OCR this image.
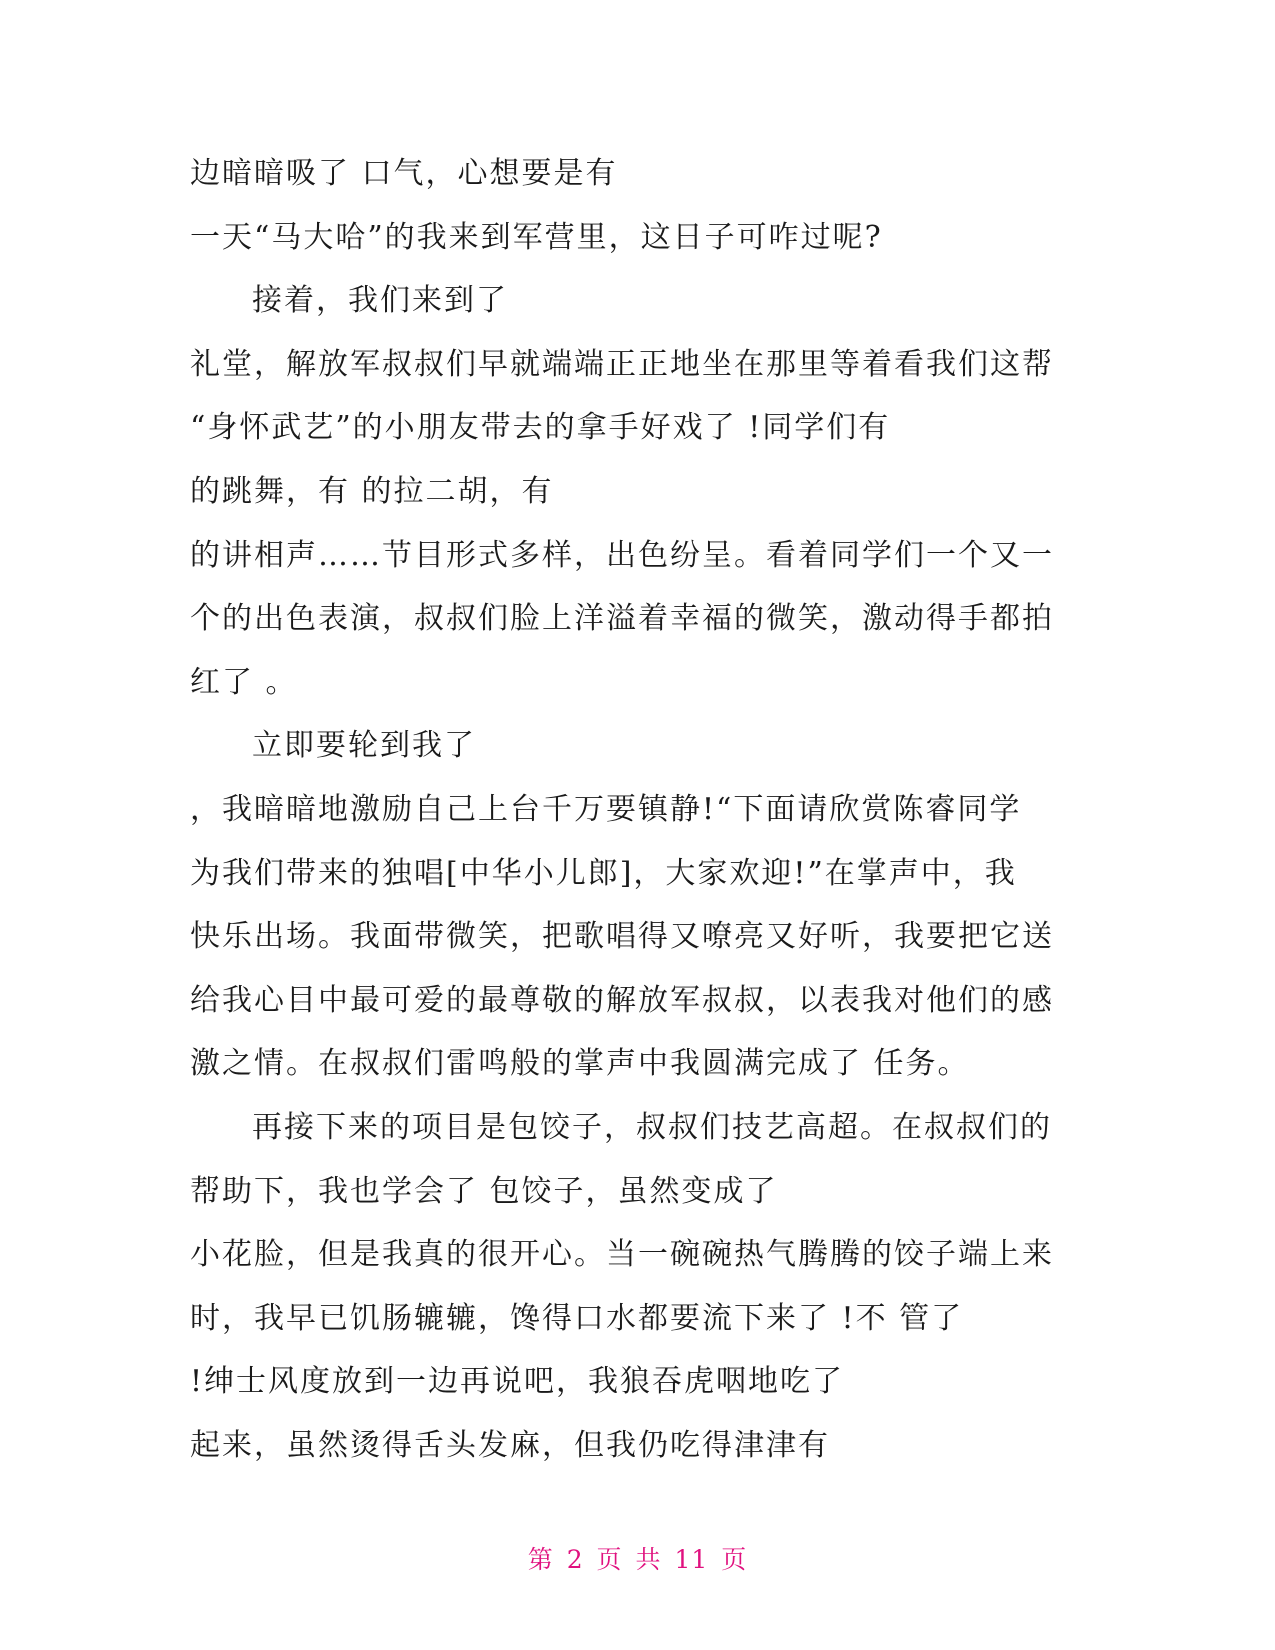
边暗暗吸了 口气，心想要是有
一天“马大哈”的我来到军营里，这日子可咋过呢?
接着，我们来到了
礼堂，解放军叔叔们早就端端正正地坐在那里等着看我们这帮
“身怀武艺”的小朋友带去的拿手好戏了 !同学们有
的跳舞，有 的拉二胡，有
的讲相声……节目形式多样，出色纷呈。看着同学们一个又一
个的出色表演，叔叔们脸上洋溢着幸福的微笑，激动得手都拍
红了 。
立即要轮到我了
，我暗暗地激励自己上台千万要镇静!“下面请欣赏陈睿同学
为我们带来的独唱[中华小儿郎]，大家欢迎!”在掌声中，我
快乐出场。我面带微笑，把歌唱得又嘹亮又好听，我要把它送
给我心目中最可爱的最尊敬的解放军叔叔，以表我对他们的感
激之情。在叔叔们雷鸣般的掌声中我圆满完成了 任务。
再接下来的项目是包饺子，叔叔们技艺高超。在叔叔们的
帮助下，我也学会了 包饺子，虽然变成了
小花脸，但是我真的很开心。当一碗碗热气腾腾的饺子端上来
时，我早已饥肠辘辘，馋得口水都要流下来了 !不 管了
!绅士风度放到一边再说吧，我狼吞虎咽地吃了
起来，虽然烫得舌头发麻，但我仍吃得津津有
第 2 页 共 11 页
